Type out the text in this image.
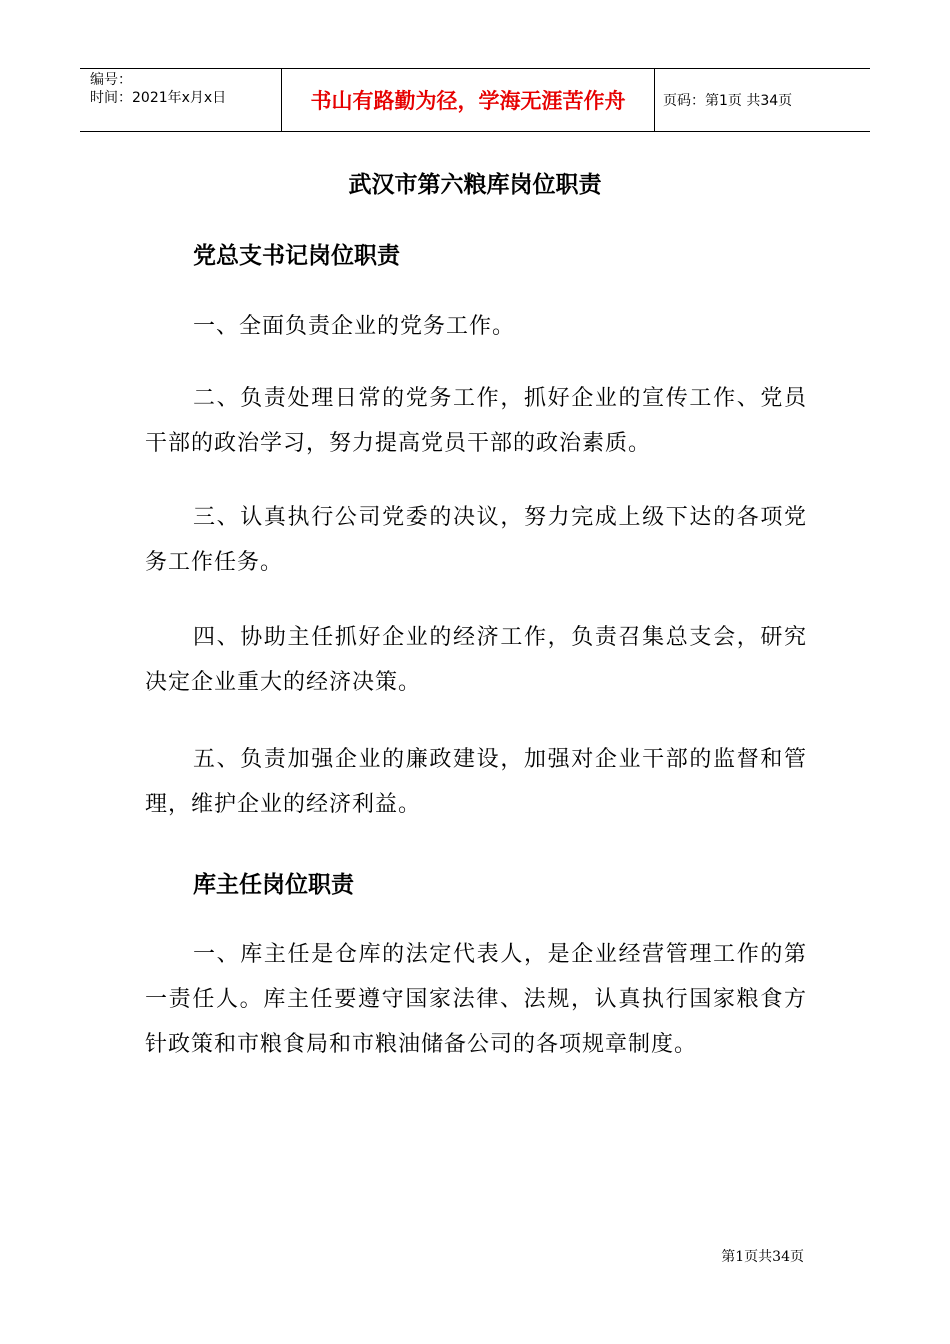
编号：
时间：2021年x月x日	书山有路勤为径，学海无涯苦作舟	页码：第1页 共34页
武汉市第六粮库岗位职责
党总支书记岗位职责
一、全面负责企业的党务工作。
二、负责处理日常的党务工作，抓好企业的宣传工作、党员干部的政治学习，努力提高党员干部的政治素质。
三、认真执行公司党委的决议，努力完成上级下达的各项党务工作任务。
四、协助主任抓好企业的经济工作，负责召集总支会，研究决定企业重大的经济决策。
五、负责加强企业的廉政建设，加强对企业干部的监督和管理，维护企业的经济利益。
库主任岗位职责
一、库主任是仓库的法定代表人，是企业经营管理工作的第一责任人。库主任要遵守国家法律、法规，认真执行国家粮食方针政策和市粮食局和市粮油储备公司的各项规章制度。
第1页共34页
